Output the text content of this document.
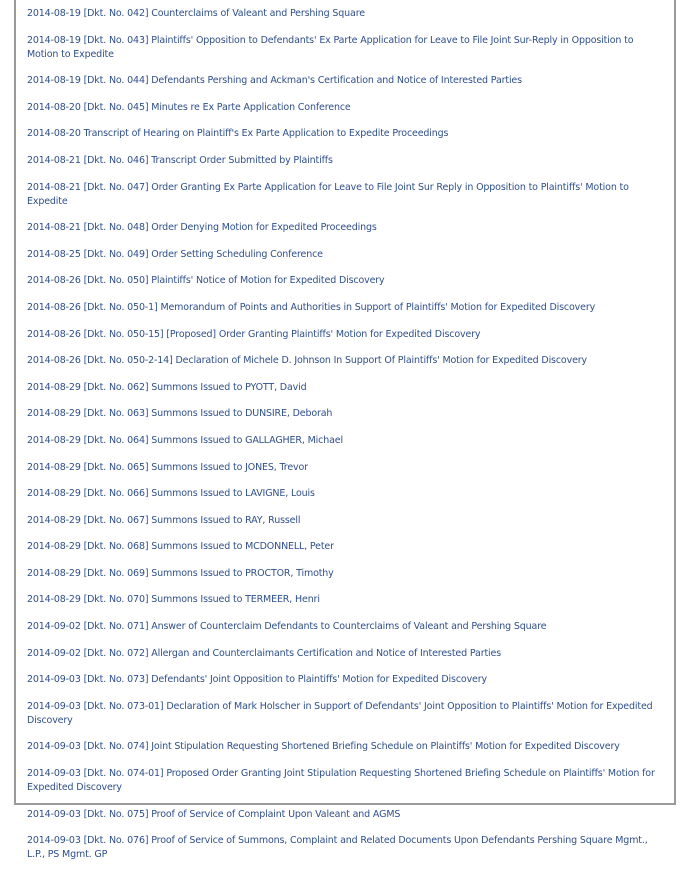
2014-08-19 [Dkt. No. 042] Counterclaims of Valeant and Pershing Square
2014-08-19 [Dkt. No. 043] Plaintiffs' Opposition to Defendants' Ex Parte Application for Leave to File Joint Sur-Reply in Opposition to Motion to Expedite
2014-08-19 [Dkt. No. 044] Defendants Pershing and Ackman's Certification and Notice of Interested Parties
2014-08-20 [Dkt. No. 045] Minutes re Ex Parte Application Conference
2014-08-20 Transcript of Hearing on Plaintiff's Ex Parte Application to Expedite Proceedings
2014-08-21 [Dkt. No. 046] Transcript Order Submitted by Plaintiffs
2014-08-21 [Dkt. No. 047] Order Granting Ex Parte Application for Leave to File Joint Sur Reply in Opposition to Plaintiffs' Motion to Expedite
2014-08-21 [Dkt. No. 048] Order Denying Motion for Expedited Proceedings
2014-08-25 [Dkt. No. 049] Order Setting Scheduling Conference
2014-08-26 [Dkt. No. 050] Plaintiffs' Notice of Motion for Expedited Discovery
2014-08-26 [Dkt. No. 050-1] Memorandum of Points and Authorities in Support of Plaintiffs' Motion for Expedited Discovery
2014-08-26 [Dkt. No. 050-15] [Proposed] Order Granting Plaintiffs' Motion for Expedited Discovery
2014-08-26 [Dkt. No. 050-2-14] Declaration of Michele D. Johnson In Support Of Plaintiffs' Motion for Expedited Discovery
2014-08-29 [Dkt. No. 062] Summons Issued to PYOTT, David
2014-08-29 [Dkt. No. 063] Summons Issued to DUNSIRE, Deborah
2014-08-29 [Dkt. No. 064] Summons Issued to GALLAGHER, Michael
2014-08-29 [Dkt. No. 065] Summons Issued to JONES, Trevor
2014-08-29 [Dkt. No. 066] Summons Issued to LAVIGNE, Louis
2014-08-29 [Dkt. No. 067] Summons Issued to RAY, Russell
2014-08-29 [Dkt. No. 068] Summons Issued to MCDONNELL, Peter
2014-08-29 [Dkt. No. 069] Summons Issued to PROCTOR, Timothy
2014-08-29 [Dkt. No. 070] Summons Issued to TERMEER, Henri
2014-09-02 [Dkt. No. 071] Answer of Counterclaim Defendants to Counterclaims of Valeant and Pershing Square
2014-09-02 [Dkt. No. 072] Allergan and Counterclaimants Certification and Notice of Interested Parties
2014-09-03 [Dkt. No. 073] Defendants' Joint Opposition to Plaintiffs' Motion for Expedited Discovery
2014-09-03 [Dkt. No. 073-01] Declaration of Mark Holscher in Support of Defendants' Joint Opposition to Plaintiffs' Motion for Expedited Discovery
2014-09-03 [Dkt. No. 074] Joint Stipulation Requesting Shortened Briefing Schedule on Plaintiffs' Motion for Expedited Discovery
2014-09-03 [Dkt. No. 074-01] Proposed Order Granting Joint Stipulation Requesting Shortened Briefing Schedule on Plaintiffs' Motion for Expedited Discovery
2014-09-03 [Dkt. No. 075] Proof of Service of Complaint Upon Valeant and AGMS
2014-09-03 [Dkt. No. 076] Proof of Service of Summons, Complaint and Related Documents Upon Defendants Pershing Square Mgmt., L.P., PS Mgmt. GP
